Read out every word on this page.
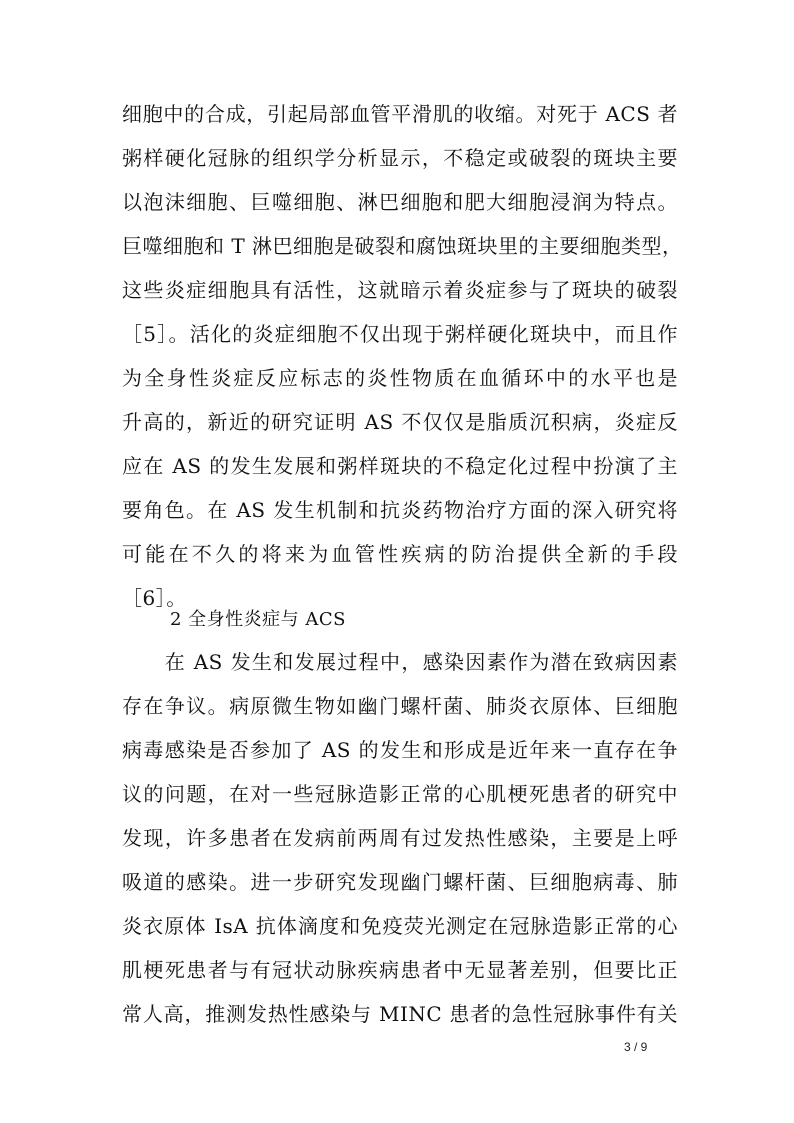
细胞中的合成，引起局部血管平滑肌的收缩。对死于 ACS 者
粥样硬化冠脉的组织学分析显示，不稳定或破裂的斑块主要
以泡沫细胞、巨噬细胞、淋巴细胞和肥大细胞浸润为特点。
巨噬细胞和 T 淋巴细胞是破裂和腐蚀斑块里的主要细胞类型，
这些炎症细胞具有活性，这就暗示着炎症参与了斑块的破裂
［5］。活化的炎症细胞不仅出现于粥样硬化斑块中，而且作
为全身性炎症反应标志的炎性物质在血循环中的水平也是
升高的，新近的研究证明 AS 不仅仅是脂质沉积病，炎症反
应在 AS 的发生发展和粥样斑块的不稳定化过程中扮演了主
要角色。在 AS 发生机制和抗炎药物治疗方面的深入研究将
可能在不久的将来为血管性疾病的防治提供全新的手段
［6］。
2 全身性炎症与 ACS
　　在 AS 发生和发展过程中，感染因素作为潜在致病因素
存在争议。病原微生物如幽门螺杆菌、肺炎衣原体、巨细胞
病毒感染是否参加了 AS 的发生和形成是近年来一直存在争
议的问题，在对一些冠脉造影正常的心肌梗死患者的研究中
发现，许多患者在发病前两周有过发热性感染，主要是上呼
吸道的感染。进一步研究发现幽门螺杆菌、巨细胞病毒、肺
炎衣原体 IsA 抗体滴度和免疫荧光测定在冠脉造影正常的心
肌梗死患者与有冠状动脉疾病患者中无显著差别，但要比正
常人高，推测发热性感染与 MINC 患者的急性冠脉事件有关
3 / 9
